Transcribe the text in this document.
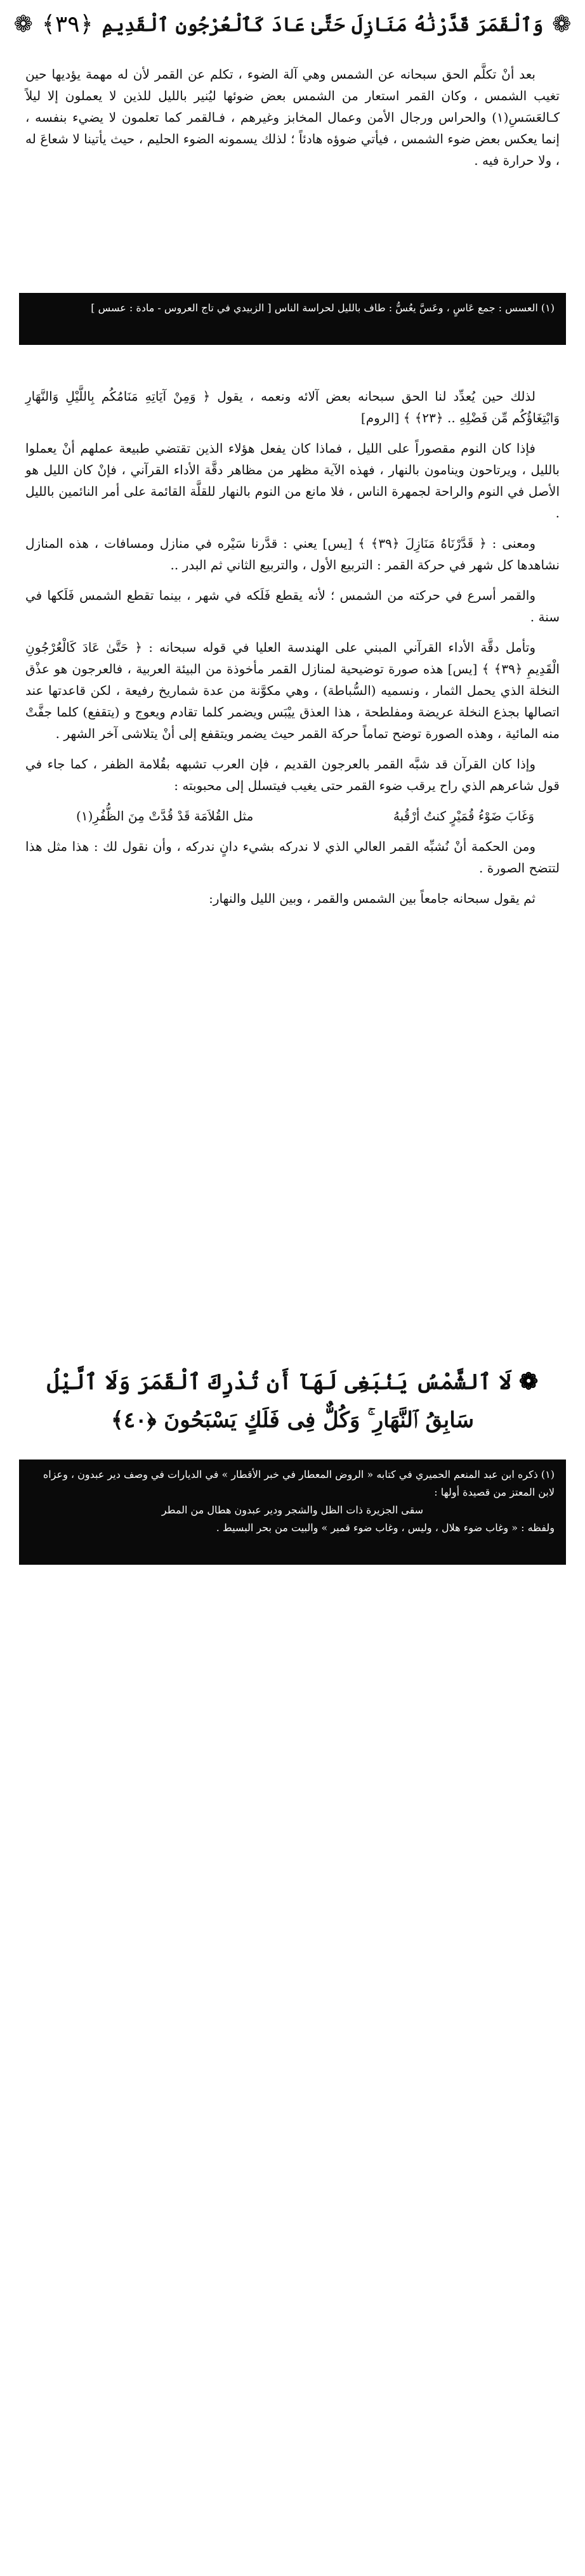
❁
وَٱلْقَمَرَ قَدَّرْنَٰهُ مَنَازِلَ حَتَّىٰ عَادَ كَٱلْعُرْجُونِ ٱلْقَدِيمِ
﴿٣٩﴾
❁

بعد أنْ تكلَّم الحق سبحانه عن الشمس وهي آلة الضوء ، تكلم عن القمر لأن له مهمة يؤديها حين تغيب الشمس ، وكان القمر استعار من الشمس بعض ضوئها ليُنير بالليل للذين لا يعملون إلا ليلاً كـالعَسَسِ(١) والحراس ورجال الأمن وعمال المخابز وغيرهم ، فـالقمر كما تعلمون لا يضيء بنفسه ، إنما يعكس بعض ضوء الشمس ، فيأتي ضوؤه هادئاً ؛ لذلك يسمونه الضوء الحليم ، حيث يأتينا لا شعاعَ له ، ولا حرارة فيه .

(١) العسس : جمع عَاسٍ ، وعَسَّ يعُسُّ : طاف بالليل لحراسة الناس [ الزبيدي في تاج العروس - مادة : عسس ]

لذلك حين يُعدِّد لنا الحق سبحانه بعض آلائه ونعمه ، يقول ﴿ وَمِنْ آيَاتِهِ مَنَامُكُم بِاللَّيْلِ وَالنَّهَارِ وَابْتِغَاؤُكُم مِّن فَضْلِهِ .. ﴿٢٣﴾ ﴾ [الروم]

فإذا كان النوم مقصوراً على الليل ، فماذا كان يفعل هؤلاء الذين تقتضي طبيعة عملهم أنْ يعملوا بالليل ، ويرتاحون وينامون بالنهار ، فهذه الآية مظهر من مظاهر دقَّة الأداء القرآني ، فإنْ كان الليل هو الأصل في النوم والراحة لجمهرة الناس ، فلا مانع من النوم بالنهار للقلَّة القائمة على أمر النائمين بالليل .

ومعنى : ﴿ قَدَّرْنَاهُ مَنَازِلَ ﴿٣٩﴾ ﴾ [يس] يعني : قدَّرنا سَيْره في منازل ومسافات ، هذه المنازل نشاهدها كل شهر في حركة القمر : التربيع الأول ، والتربيع الثاني ثم البدر ..

والقمر أسرع في حركته من الشمس ؛ لأنه يقطع فَلَكه في شهر ، بينما تقطع الشمس فَلَكها في سنة .

وتأمل دقَّة الأداء القرآني المبني على الهندسة العليا في قوله سبحانه : ﴿ حَتَّىٰ عَادَ كَالْعُرْجُونِ الْقَدِيمِ ﴿٣٩﴾ ﴾ [يس] هذه صورة توضيحية لمنازل القمر مأخوذة من البيئة العربية ، فالعرجون هو عذْق النخلة الذي يحمل الثمار ، ونسميه (السُّباطة) ، وهي مكوَّنة من عدة شماريخ رفيعة ، لكن قاعدتها عند اتصالها بجذع النخلة عريضة ومفلطحة ، هذا العذق ييْبَس ويضمر كلما تقادم ويعوج و (يتقفع) كلما جفَّتْ منه المائية ، وهذه الصورة توضح تماماً حركة القمر حيث يضمر ويتقفع إلى أنْ يتلاشى آخر الشهر .

وإذا كان القرآن قد شبَّه القمر بالعرجون القديم ، فإن العرب تشبهه بقُلامة الظفر ، كما جاء في قول شاعرهم الذي راح يرقب ضوء القمر حتى يغيب فيتسلل إلى محبوبته :

وَغَابَ ضَوْءُ قُمَيْرٍ كنتُ أرْقُبهُ
مثل القُلاَمَة قَدْ قُدَّتْ مِنَ الظُّفُرِ(١)

ومن الحكمة أنْ نُشبِّه القمر العالي الذي لا ندركه بشيء دانٍ ندركه ، وأن نقول لك : هذا مثل هذا لتتضح الصورة .

ثم يقول سبحانه جامعاً بين الشمس والقمر ، وبين الليل والنهار:

❁ لَا ٱلشَّمْسُ يَنۢبَغِى لَهَآ أَن تُدْرِكَ ٱلْقَمَرَ وَلَا ٱلَّيْلُ
سَابِقُ ٱلنَّهَارِ ۚ وَكُلٌّ فِى فَلَكٍ يَسْبَحُونَ ﴿٤٠﴾

(١) ذكره ابن عبد المنعم الحميري في كتابه « الروض المعطار في خبر الأقطار » في الديارات في وصف دير عبدون ، وعزاه لابن المعتز من قصيدة أولها :

سقى الجزيرة ذات الظل والشجر ودير عبدون هطال من المطر

ولفظه : « وغاب ضوء هلال ، وليس ، وغاب ضوء قمير » والبيت من بحر البسيط .
